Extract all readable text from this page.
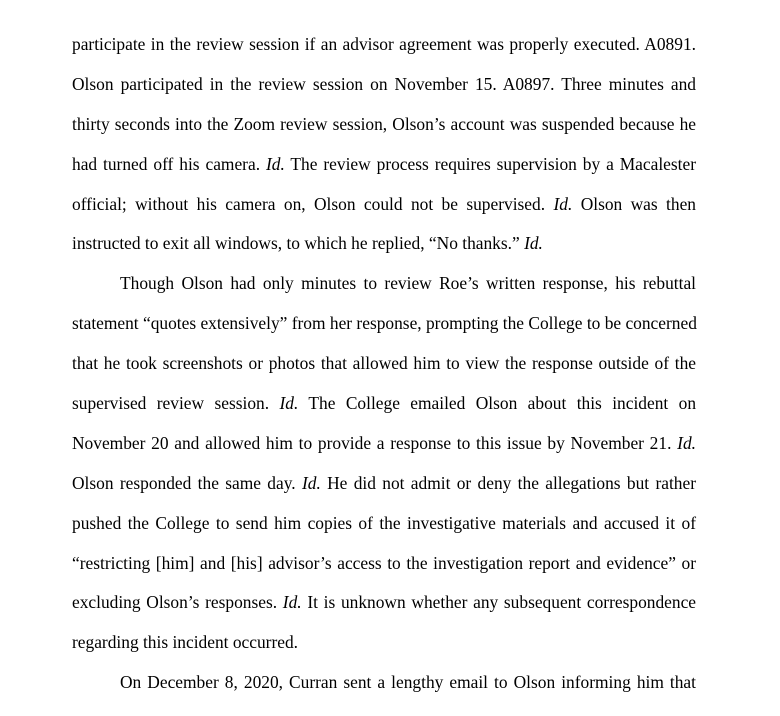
participate in the review session if an advisor agreement was properly executed. A0891.
Olson participated in the review session on November 15. A0897. Three minutes and
thirty seconds into the Zoom review session, Olson’s account was suspended because he
had turned off his camera. Id. The review process requires supervision by a Macalester
official; without his camera on, Olson could not be supervised. Id. Olson was then
instructed to exit all windows, to which he replied, “No thanks.” Id.
Though Olson had only minutes to review Roe’s written response, his rebuttal
statement “quotes extensively” from her response, prompting the College to be concerned
that he took screenshots or photos that allowed him to view the response outside of the
supervised review session. Id. The College emailed Olson about this incident on
November 20 and allowed him to provide a response to this issue by November 21. Id.
Olson responded the same day. Id. He did not admit or deny the allegations but rather
pushed the College to send him copies of the investigative materials and accused it of
“restricting [him] and [his] advisor’s access to the investigation report and evidence” or
excluding Olson’s responses. Id. It is unknown whether any subsequent correspondence
regarding this incident occurred.
On December 8, 2020, Curran sent a lengthy email to Olson informing him that
